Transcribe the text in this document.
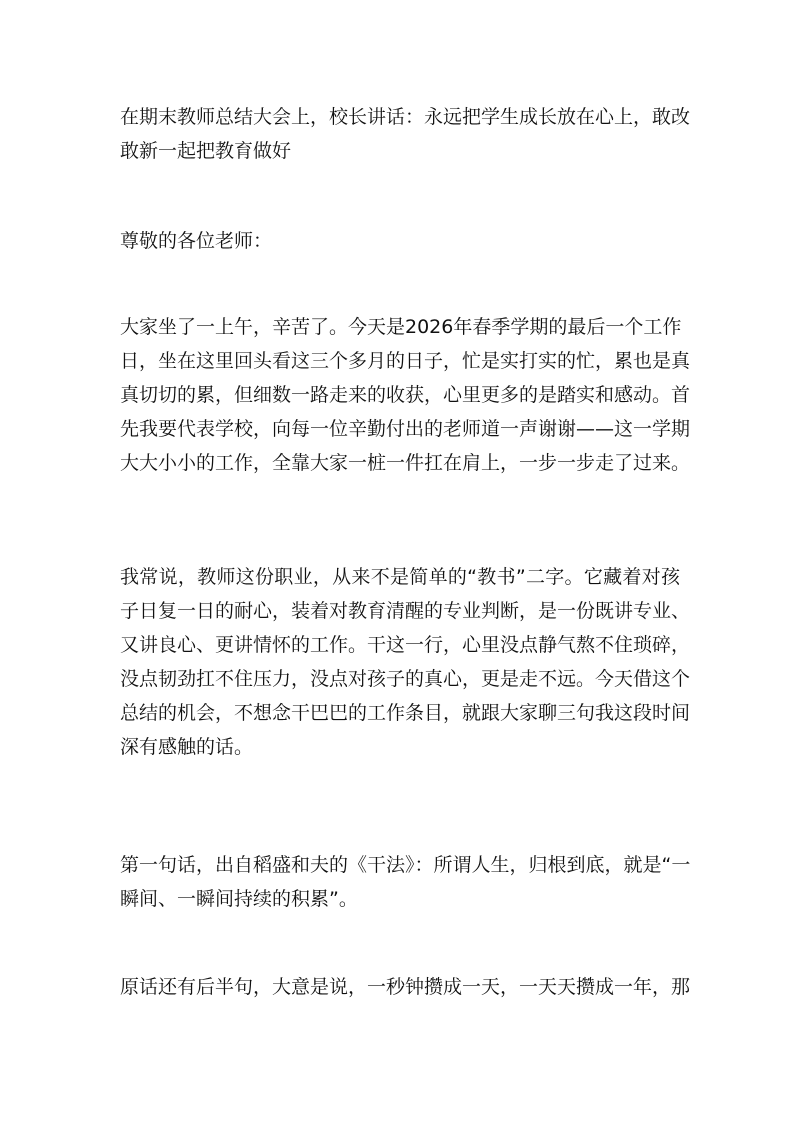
在期末教师总结大会上，校长讲话：永远把学生成长放在心上，敢改
敢新一起把教育做好
尊敬的各位老师：
大家坐了一上午，辛苦了。今天是2026年春季学期的最后一个工作
日，坐在这里回头看这三个多月的日子，忙是实打实的忙，累也是真
真切切的累，但细数一路走来的收获，心里更多的是踏实和感动。首
先我要代表学校，向每一位辛勤付出的老师道一声谢谢——这一学期
大大小小的工作，全靠大家一桩一件扛在肩上，一步一步走了过来。
我常说，教师这份职业，从来不是简单的“教书”二字。它藏着对孩
子日复一日的耐心，装着对教育清醒的专业判断，是一份既讲专业、
又讲良心、更讲情怀的工作。干这一行，心里没点静气熬不住琐碎，
没点韧劲扛不住压力，没点对孩子的真心，更是走不远。今天借这个
总结的机会，不想念干巴巴的工作条目，就跟大家聊三句我这段时间
深有感触的话。
第一句话，出自稻盛和夫的《干法》：所谓人生，归根到底，就是“一
瞬间、一瞬间持续的积累”。
原话还有后半句，大意是说，一秒钟攒成一天，一天天攒成一年，那
